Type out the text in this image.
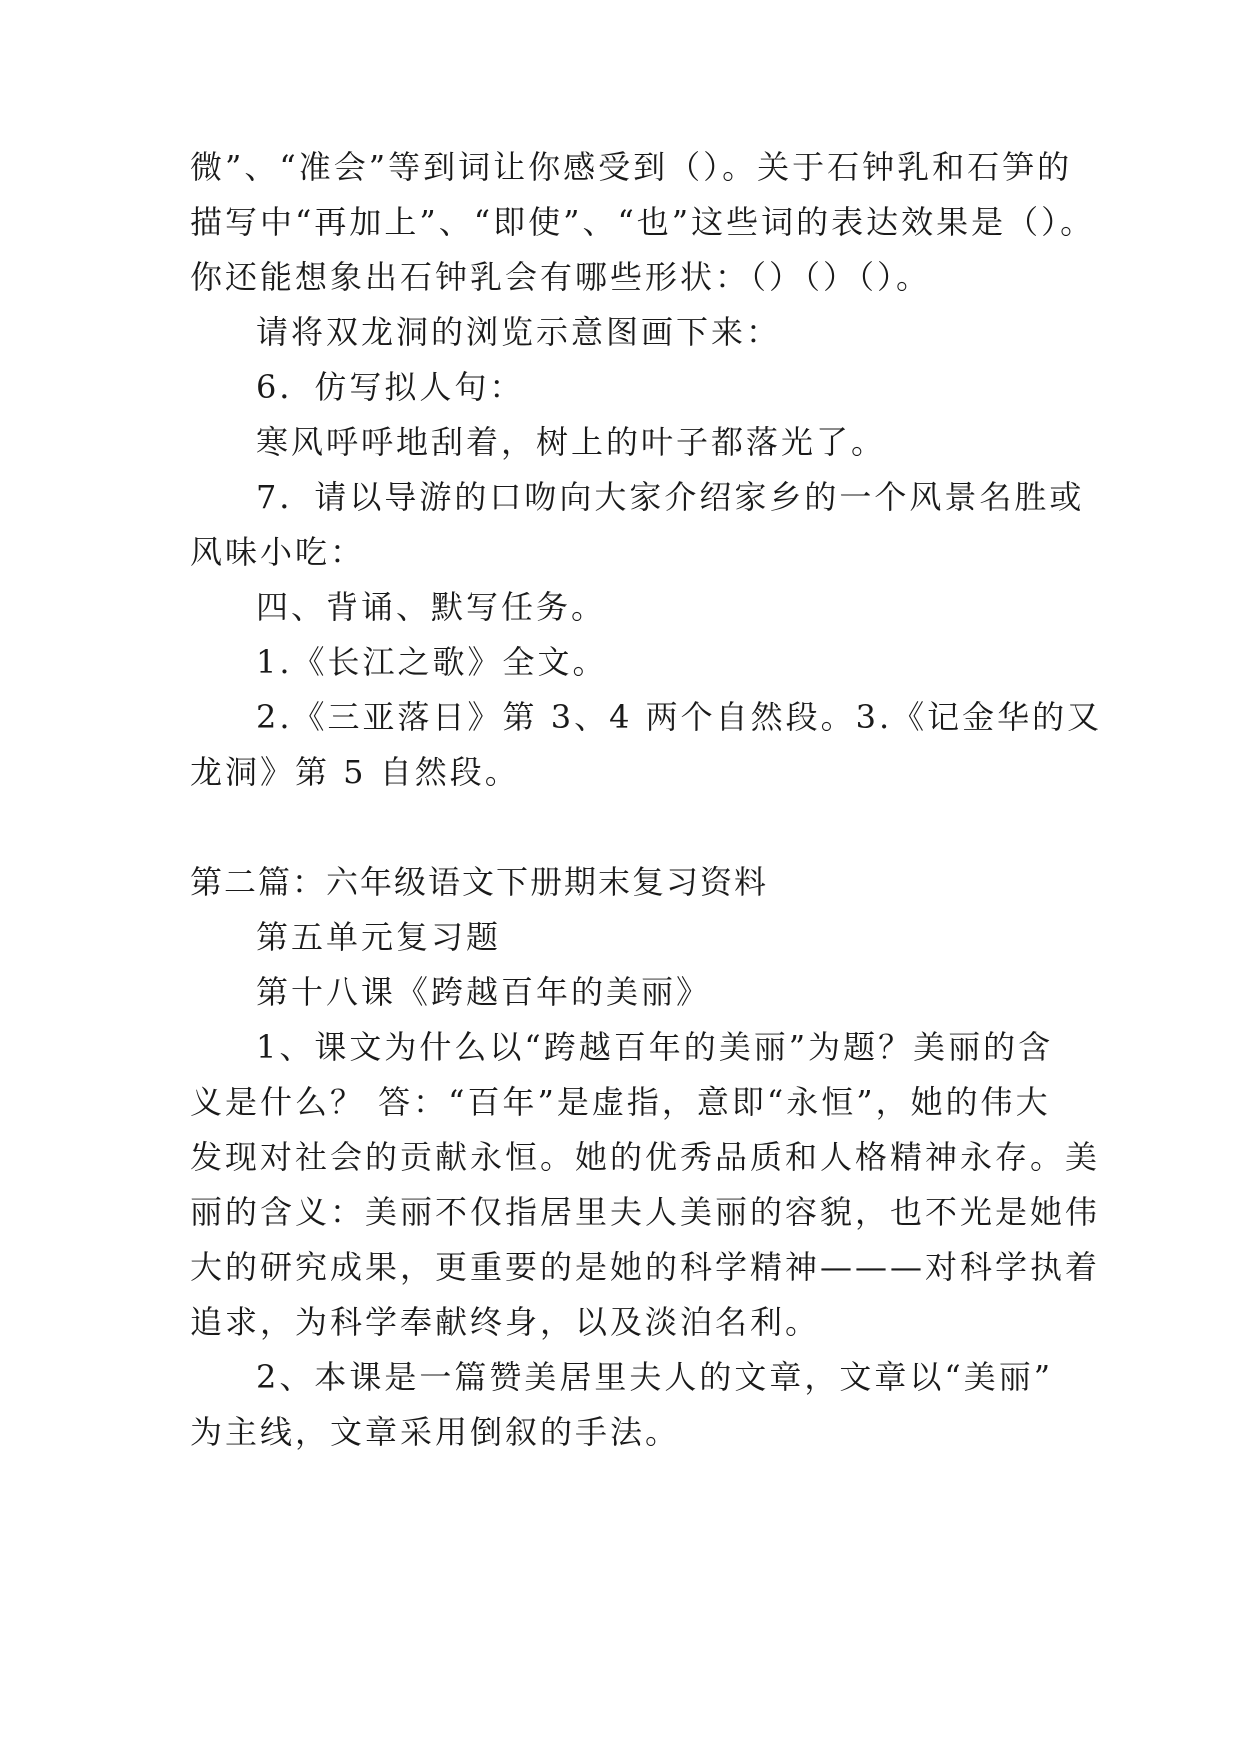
微”、“准会”等到词让你感受到（）。关于石钟乳和石笋的
描写中“再加上”、“即使”、“也”这些词的表达效果是（）。
你还能想象出石钟乳会有哪些形状：（）（）（）。
请将双龙洞的浏览示意图画下来：
6．仿写拟人句：
寒风呼呼地刮着，树上的叶子都落光了。
7．请以导游的口吻向大家介绍家乡的一个风景名胜或
风味小吃：
四、背诵、默写任务。
1.《长江之歌》全文。
2.《三亚落日》第 3、4 两个自然段。3.《记金华的又
龙洞》第 5 自然段。
第二篇：六年级语文下册期末复习资料
第五单元复习题
第十八课《跨越百年的美丽》
1、课文为什么以“跨越百年的美丽”为题？美丽的含
义是什么？ 答：“百年”是虚指，意即“永恒”，她的伟大
发现对社会的贡献永恒。她的优秀品质和人格精神永存。美
丽的含义：美丽不仅指居里夫人美丽的容貌，也不光是她伟
大的研究成果，更重要的是她的科学精神———对科学执着
追求，为科学奉献终身，以及淡泊名利。
2、本课是一篇赞美居里夫人的文章，文章以“美丽”
为主线，文章采用倒叙的手法。
